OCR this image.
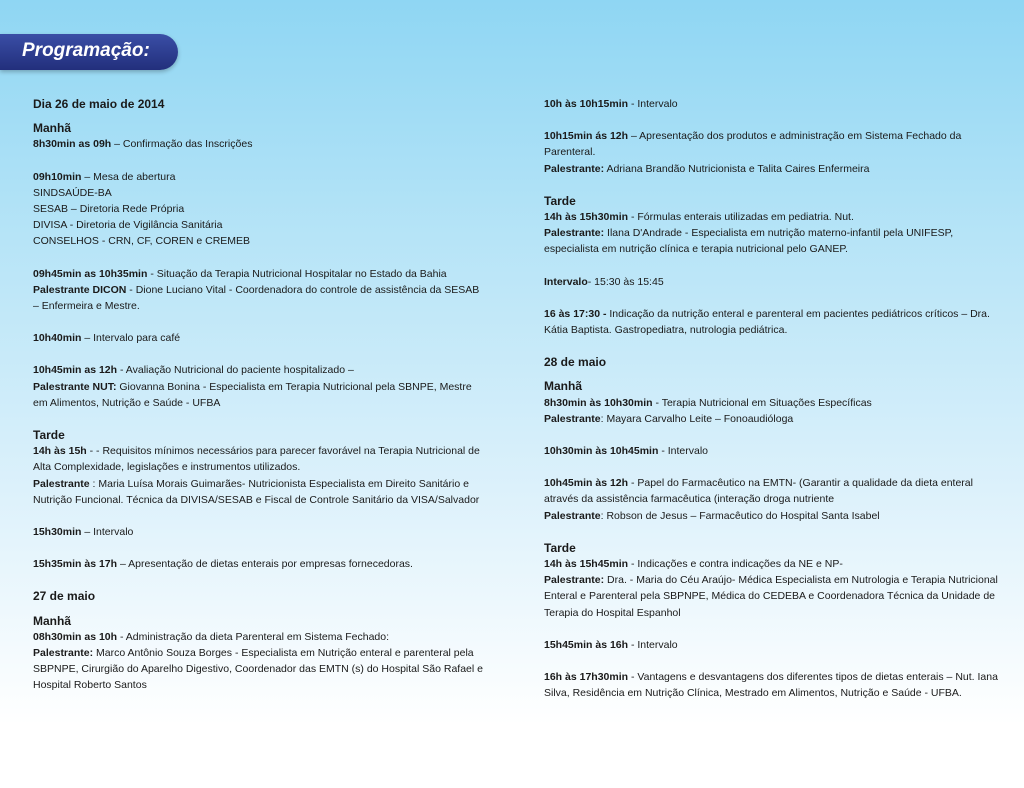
Programação:
Dia 26 de maio de 2014
Manhã
8h30min as 09h – Confirmação das Inscrições
09h10min – Mesa de abertura
SINDSAÚDE-BA
SESAB – Diretoria Rede Própria
DIVISA - Diretoria de Vigilância Sanitária
CONSELHOS - CRN, CF, COREN e CREMEB
09h45min as 10h35min - Situação da Terapia Nutricional Hospitalar no Estado da Bahia
Palestrante DICON - Dione Luciano Vital - Coordenadora do controle de assistência da SESAB – Enfermeira e Mestre.
10h40min – Intervalo para café
10h45min as 12h - Avaliação Nutricional do paciente hospitalizado –
Palestrante NUT: Giovanna Bonina - Especialista em Terapia Nutricional pela SBNPE, Mestre em Alimentos, Nutrição e Saúde - UFBA
Tarde
14h às 15h - - Requisitos mínimos necessários para parecer favorável na Terapia Nutricional de Alta Complexidade, legislações e instrumentos utilizados.
Palestrante : Maria Luísa Morais Guimarães- Nutricionista Especialista em Direito Sanitário e Nutrição Funcional. Técnica da DIVISA/SESAB e Fiscal de Controle Sanitário da VISA/Salvador
15h30min – Intervalo
15h35min às 17h – Apresentação de dietas enterais por empresas fornecedoras.
27 de maio
Manhã
08h30min as 10h - Administração da dieta Parenteral em Sistema Fechado:
Palestrante: Marco Antônio Souza Borges - Especialista em Nutrição enteral e parenteral pela SBPNPE, Cirurgião do Aparelho Digestivo, Coordenador das EMTN (s) do Hospital São Rafael e Hospital Roberto Santos
10h às 10h15min - Intervalo
10h15min ás 12h – Apresentação dos produtos e administração em Sistema Fechado da Parenteral.
Palestrante: Adriana Brandão Nutricionista e Talita Caires Enfermeira
Tarde
14h às 15h30min - Fórmulas enterais utilizadas em pediatria. Nut.
Palestrante: Ilana D'Andrade - Especialista em nutrição materno-infantil pela UNIFESP, especialista em nutrição clínica e terapia nutricional pelo GANEP.
Intervalo- 15:30 às 15:45
16 às 17:30 - Indicação da nutrição enteral e parenteral em pacientes pediátricos críticos – Dra. Kátia Baptista. Gastropediatra, nutrologia pediátrica.
28 de maio
Manhã
8h30min às 10h30min - Terapia Nutricional em Situações Específicas
Palestrante: Mayara Carvalho Leite – Fonoaudióloga
10h30min às 10h45min - Intervalo
10h45min às 12h - Papel do Farmacêutico na EMTN- (Garantir a qualidade da dieta enteral através da assistência farmacêutica (interação droga nutriente
Palestrante: Robson de Jesus – Farmacêutico do Hospital Santa Isabel
Tarde
14h às 15h45min - Indicações e contra indicações da NE e NP-
Palestrante: Dra. - Maria do Céu Araújo- Médica Especialista em Nutrologia e Terapia Nutricional Enteral e Parenteral pela SBPNPE, Médica do CEDEBA e Coordenadora Técnica da Unidade de Terapia do Hospital Espanhol
15h45min às 16h - Intervalo
16h às 17h30min - Vantagens e desvantagens dos diferentes tipos de dietas enterais – Nut. Iana Silva, Residência em Nutrição Clínica, Mestrado em Alimentos, Nutrição e Saúde - UFBA.
